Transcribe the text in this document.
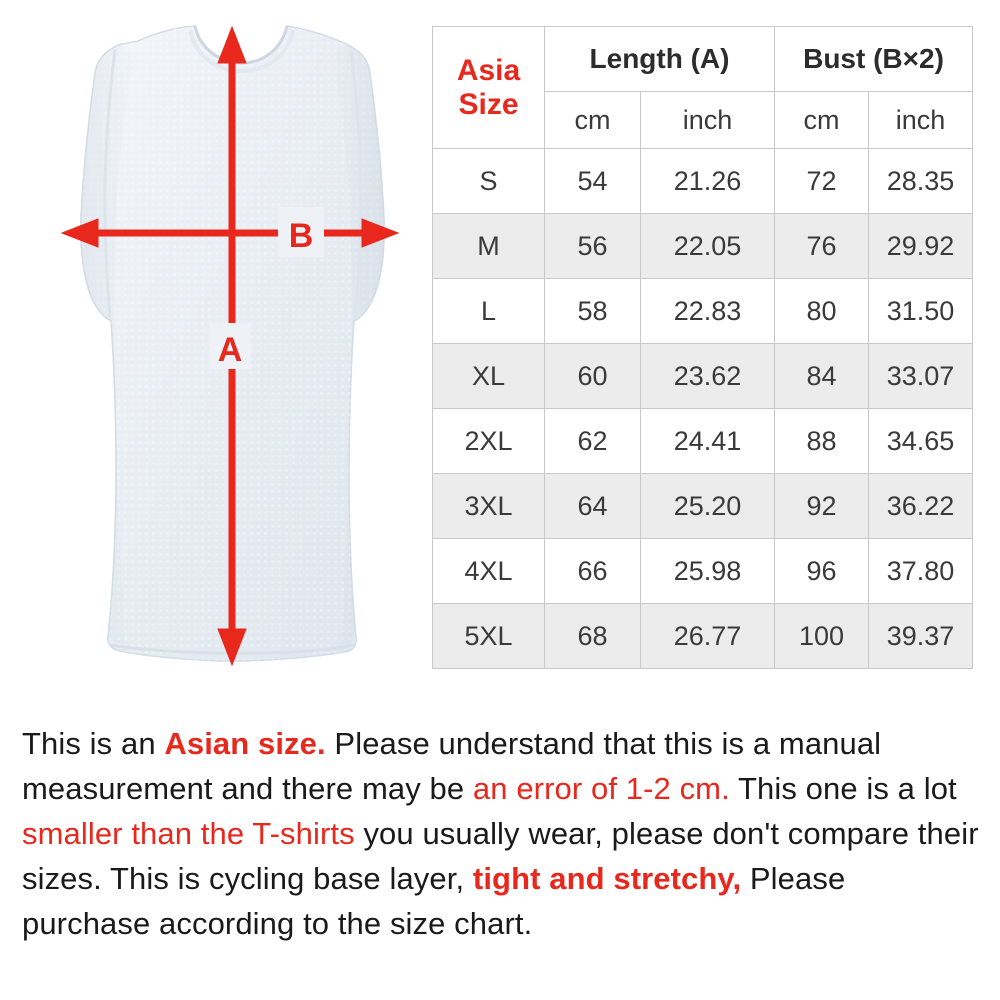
A
B
Asia
Size	Length (A)		Bust (B×2)	
	cm	inch	cm	inch
S	54	21.26	72	28.35
M	56	22.05	76	29.92
L	58	22.83	80	31.50
XL	60	23.62	84	33.07
2XL	62	24.41	88	34.65
3XL	64	25.20	92	36.22
4XL	66	25.98	96	37.80
5XL	68	26.77	100	39.37

This is an Asian size. Please understand that this is a manual measurement and there may be an error of 1-2 cm. This one is a lot smaller than the T-shirts you usually wear, please don't compare their sizes. This is cycling base layer, tight and stretchy, Please purchase according to the size chart.
